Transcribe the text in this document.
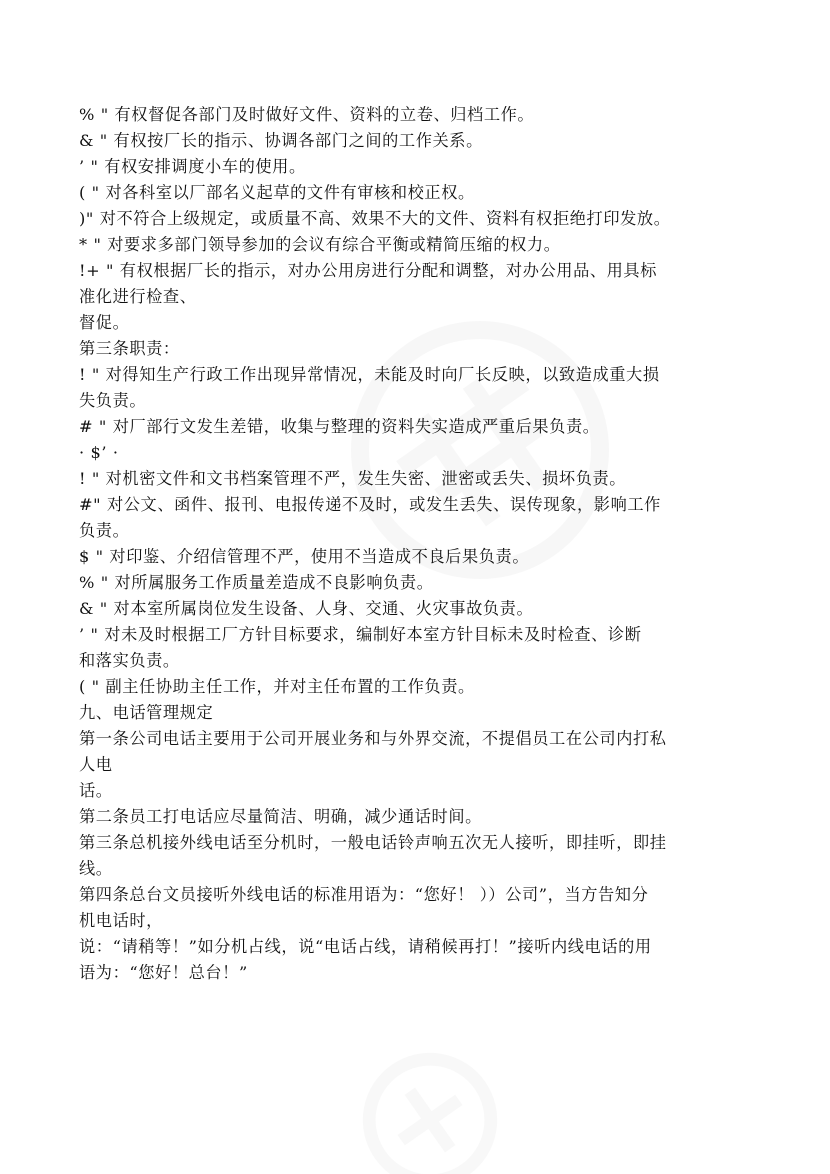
% " 有权督促各部门及时做好文件、资料的立卷、归档工作。
& " 有权按厂长的指示、协调各部门之间的工作关系。
’ " 有权安排调度小车的使用。
( " 对各科室以厂部名义起草的文件有审核和校正权。
)" 对不符合上级规定，或质量不高、效果不大的文件、资料有权拒绝打印发放。
* " 对要求多部门领导参加的会议有综合平衡或精简压缩的权力。
!+ " 有权根据厂长的指示，对办公用房进行分配和调整，对办公用品、用具标
准化进行检查、
督促。
第三条职责：
! " 对得知生产行政工作出现异常情况，未能及时向厂长反映，以致造成重大损
失负责。
# " 对厂部行文发生差错，收集与整理的资料失实造成严重后果负责。
· $’ ·
! " 对机密文件和文书档案管理不严，发生失密、泄密或丢失、损坏负责。
#" 对公文、函件、报刊、电报传递不及时，或发生丢失、误传现象，影响工作
负责。
$ " 对印鉴、介绍信管理不严，使用不当造成不良后果负责。
% " 对所属服务工作质量差造成不良影响负责。
& " 对本室所属岗位发生设备、人身、交通、火灾事故负责。
’ " 对未及时根据工厂方针目标要求，编制好本室方针目标未及时检查、诊断
和落实负责。
( " 副主任协助主任工作，并对主任布置的工作负责。
九、电话管理规定
第一条公司电话主要用于公司开展业务和与外界交流，不提倡员工在公司内打私
人电
话。
第二条员工打电话应尽量简洁、明确，减少通话时间。
第三条总机接外线电话至分机时，一般电话铃声响五次无人接听，即挂听，即挂
线。
第四条总台文员接听外线电话的标准用语为：“您好！ ））公司”，当方告知分
机电话时，
说：“请稍等！”如分机占线，说“电话占线，请稍候再打！”接听内线电话的用
语为：“您好！总台！”
